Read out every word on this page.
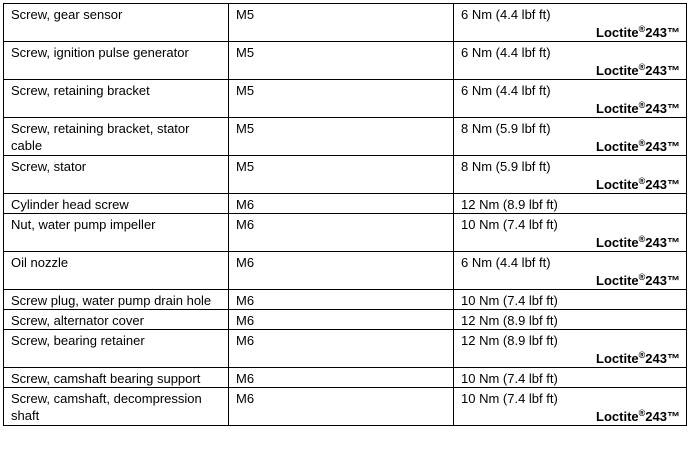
Screw, gear sensor	M5	6 Nm (4.4 lbf ft)
Loctite®243™

Screw, ignition pulse generator	M5	6 Nm (4.4 lbf ft)
Loctite®243™

Screw, retaining bracket	M5	6 Nm (4.4 lbf ft)
Loctite®243™

Screw, retaining bracket, stator cable	M5	8 Nm (5.9 lbf ft)
Loctite®243™

Screw, stator	M5	8 Nm (5.9 lbf ft)
Loctite®243™

Cylinder head screw	M6	12 Nm (8.9 lbf ft)

Nut, water pump impeller	M6	10 Nm (7.4 lbf ft)
Loctite®243™

Oil nozzle	M6	6 Nm (4.4 lbf ft)
Loctite®243™

Screw plug, water pump drain hole	M6	10 Nm (7.4 lbf ft)

Screw, alternator cover	M6	12 Nm (8.9 lbf ft)

Screw, bearing retainer	M6	12 Nm (8.9 lbf ft)
Loctite®243™

Screw, camshaft bearing support	M6	10 Nm (7.4 lbf ft)

Screw, camshaft, decompression shaft	M6	10 Nm (7.4 lbf ft)
Loctite®243™
